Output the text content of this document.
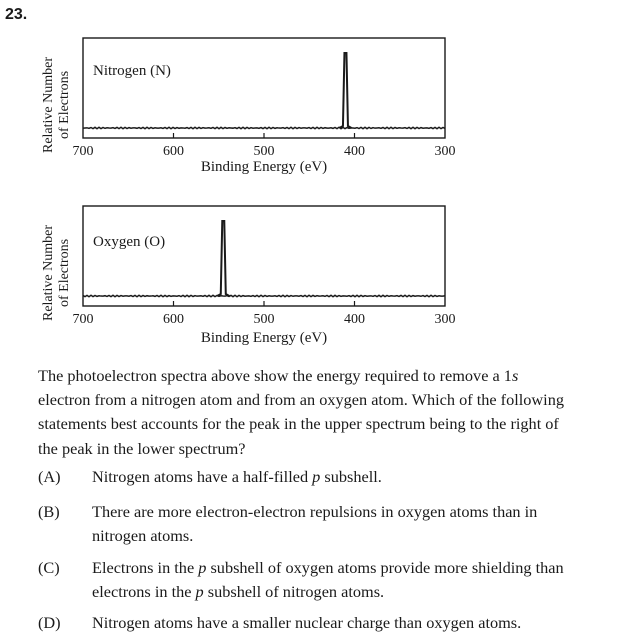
23.
Relative Number of Electrons Nitrogen (N)
700	600	500	400	300
Binding Energy (eV)
Relative Number of Electrons Oxygen (O)
700	600	500	400	300
Binding Energy (eV)
The photoelectron spectra above show the energy required to remove a 1s
electron from a nitrogen atom and from an oxygen atom. Which of the following
statements best accounts for the peak in the upper spectrum being to the right of
the peak in the lower spectrum?
(A) Nitrogen atoms have a half-filled p subshell.
(B) There are more electron-electron repulsions in oxygen atoms than in
nitrogen atoms.
(C) Electrons in the p subshell of oxygen atoms provide more shielding than
electrons in the p subshell of nitrogen atoms.
(D) Nitrogen atoms have a smaller nuclear charge than oxygen atoms.
